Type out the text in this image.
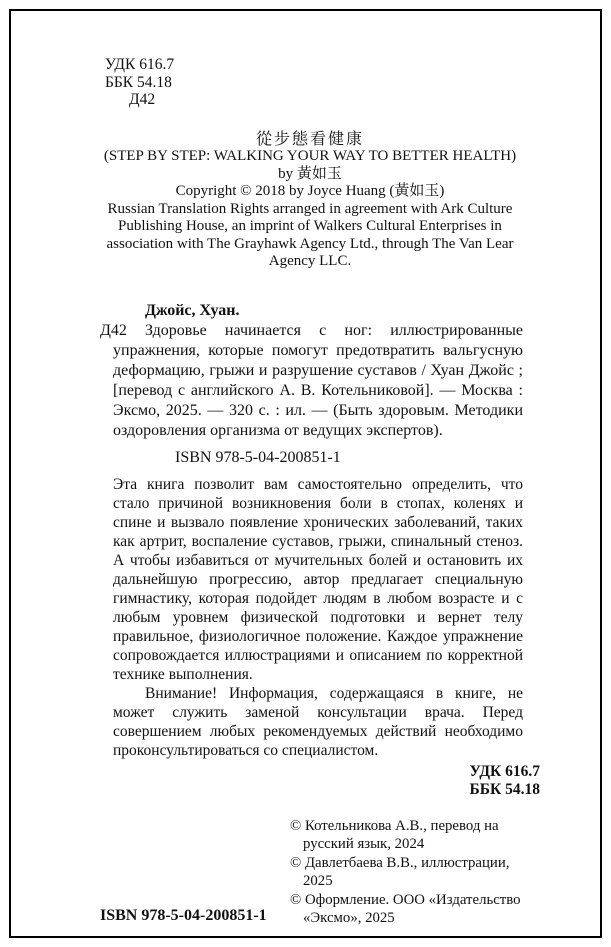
УДК 616.7
ББК 54.18
Д42
從步態看健康
(STEP BY STEP: WALKING YOUR WAY TO BETTER HEALTH)
by 黃如玉
Copyright © 2018 by Joyce Huang (黃如玉)
Russian Translation Rights arranged in agreement with Ark Culture Publishing House, an imprint of Walkers Cultural Enterprises in association with The Grayhawk Agency Ltd., through The Van Lear Agency LLC.

Джойс, Хуан.

Д42	Здоровье начинается с ног: иллюстрированные упражнения, которые помогут предотвратить вальгусную деформацию, грыжи и разрушение суставов / Хуан Джойс ; [перевод с английского А. В. Котельниковой]. — Москва : Эксмо, 2025. — 320 с. : ил. — (Быть здоровым. Методики оздоровления организма от ведущих экспертов).

ISBN 978-5-04-200851-1

Эта книга позволит вам самостоятельно определить, что стало причиной возникновения боли в стопах, коленях и спине и вызвало появление хронических заболеваний, таких как артрит, воспаление суставов, грыжи, спинальный стеноз. А чтобы избавиться от мучительных болей и остановить их дальнейшую прогрессию, автор предлагает специальную гимнастику, которая подойдет людям в любом возрасте и с любым уровнем физической подготовки и вернет телу правильное, физиологичное положение. Каждое упражнение сопровождается иллюстрациями и описанием по корректной технике выполнения.

Внимание! Информация, содержащаяся в книге, не может служить заменой консультации врача. Перед совершением любых рекомендуемых действий необходимо проконсультироваться со специалистом.

УДК 616.7
ББК 54.18
ISBN 978-5-04-200851-1
© Котельникова А.В., перевод на русский язык, 2024
© Давлетбаева В.В., иллюстрации, 2025
© Оформление. ООО «Издательство «Эксмо», 2025
